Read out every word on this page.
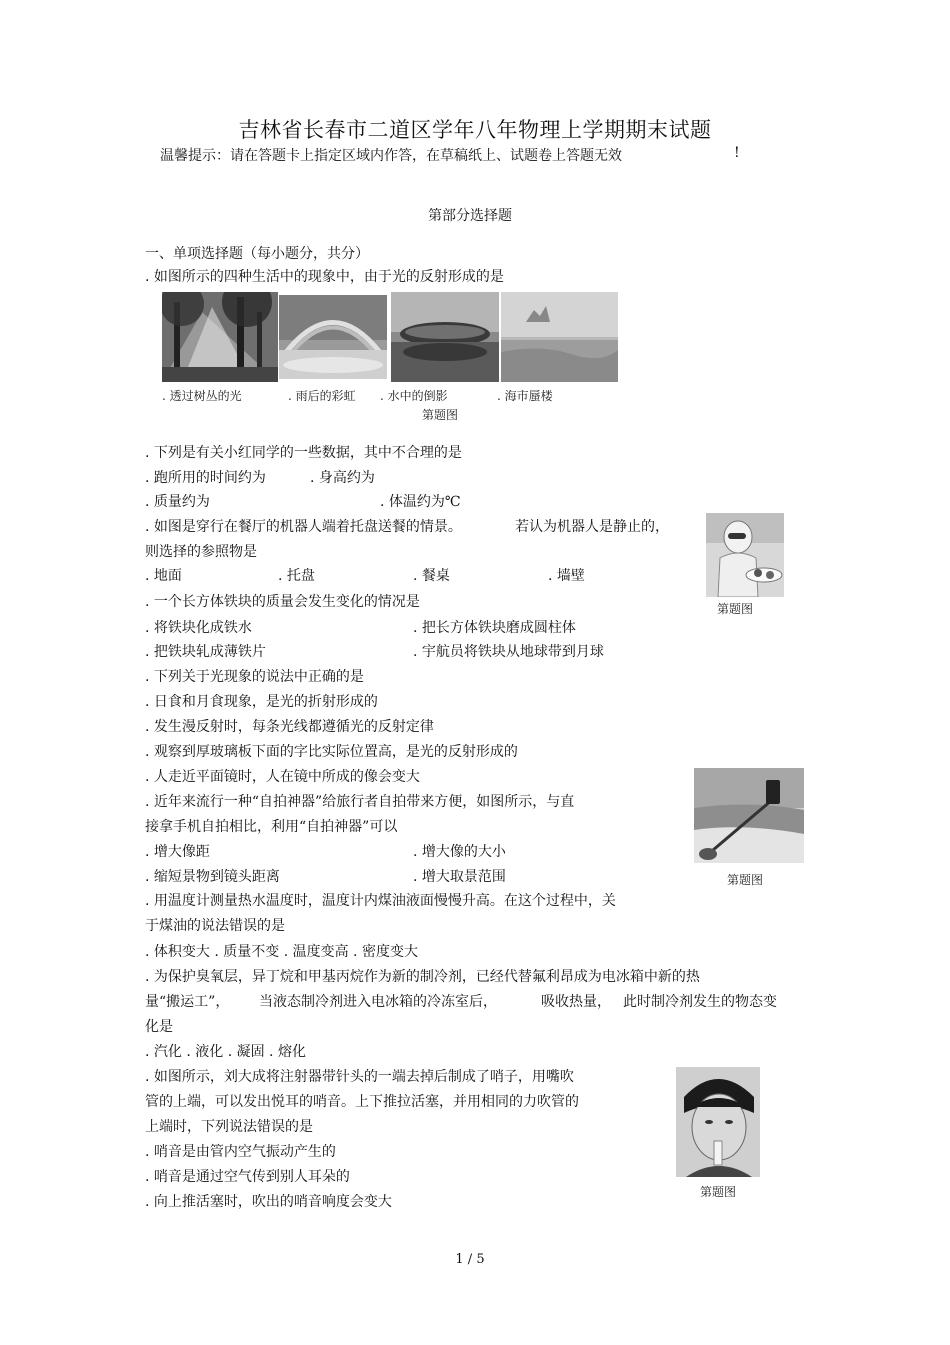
吉林省长春市二道区学年八年物理上学期期末试题
温馨提示：请在答题卡上指定区域内作答，在草稿纸上、试题卷上答题无效	!
第部分选择题
一、单项选择题（每小题分，共分）
. 如图所示的四种生活中的现象中，由于光的反射形成的是
. 透过树丛的光	. 雨后的彩虹 . 水中的倒影	. 海市蜃楼
第题图
. 下列是有关小红同学的一些数据，其中不合理的是
. 跑所用的时间约为	. 身高约为
. 质量约为	. 体温约为℃
. 如图是穿行在餐厅的机器人端着托盘送餐的情景。	若认为机器人是静止的，
则选择的参照物是
. 地面	. 托盘	. 餐桌	. 墙壁
第题图
. 一个长方体铁块的质量会发生变化的情况是
. 将铁块化成铁水	. 把长方体铁块磨成圆柱体
. 把铁块轧成薄铁片	. 宇航员将铁块从地球带到月球
. 下列关于光现象的说法中正确的是
. 日食和月食现象，是光的折射形成的
. 发生漫反射时，每条光线都遵循光的反射定律
. 观察到厚玻璃板下面的字比实际位置高，是光的反射形成的
. 人走近平面镜时，人在镜中所成的像会变大
. 近年来流行一种“自拍神器”给旅行者自拍带来方便，如图所示，与直
接拿手机自拍相比，利用“自拍神器”可以
. 增大像距	. 增大像的大小
. 缩短景物到镜头距离	. 增大取景范围	第题图
. 用温度计测量热水温度时，温度计内煤油液面慢慢升高。在这个过程中，关
于煤油的说法错误的是
. 体积变大 . 质量不变 . 温度变高 . 密度变大
. 为保护臭氧层，异丁烷和甲基丙烷作为新的制冷剂，已经代替氟利昂成为电冰箱中新的热
量“搬运工”， 当液态制冷剂进入电冰箱的冷冻室后，	吸收热量， 此时制冷剂发生的物态变
化是
. 汽化 . 液化 . 凝固 . 熔化
. 如图所示，刘大成将注射器带针头的一端去掉后制成了哨子，用嘴吹
管的上端，可以发出悦耳的哨音。上下推拉活塞，并用相同的力吹管的
上端时，下列说法错误的是
. 哨音是由管内空气振动产生的
. 哨音是通过空气传到别人耳朵的
. 向上推活塞时，吹出的哨音响度会变大
第题图
1 / 5
